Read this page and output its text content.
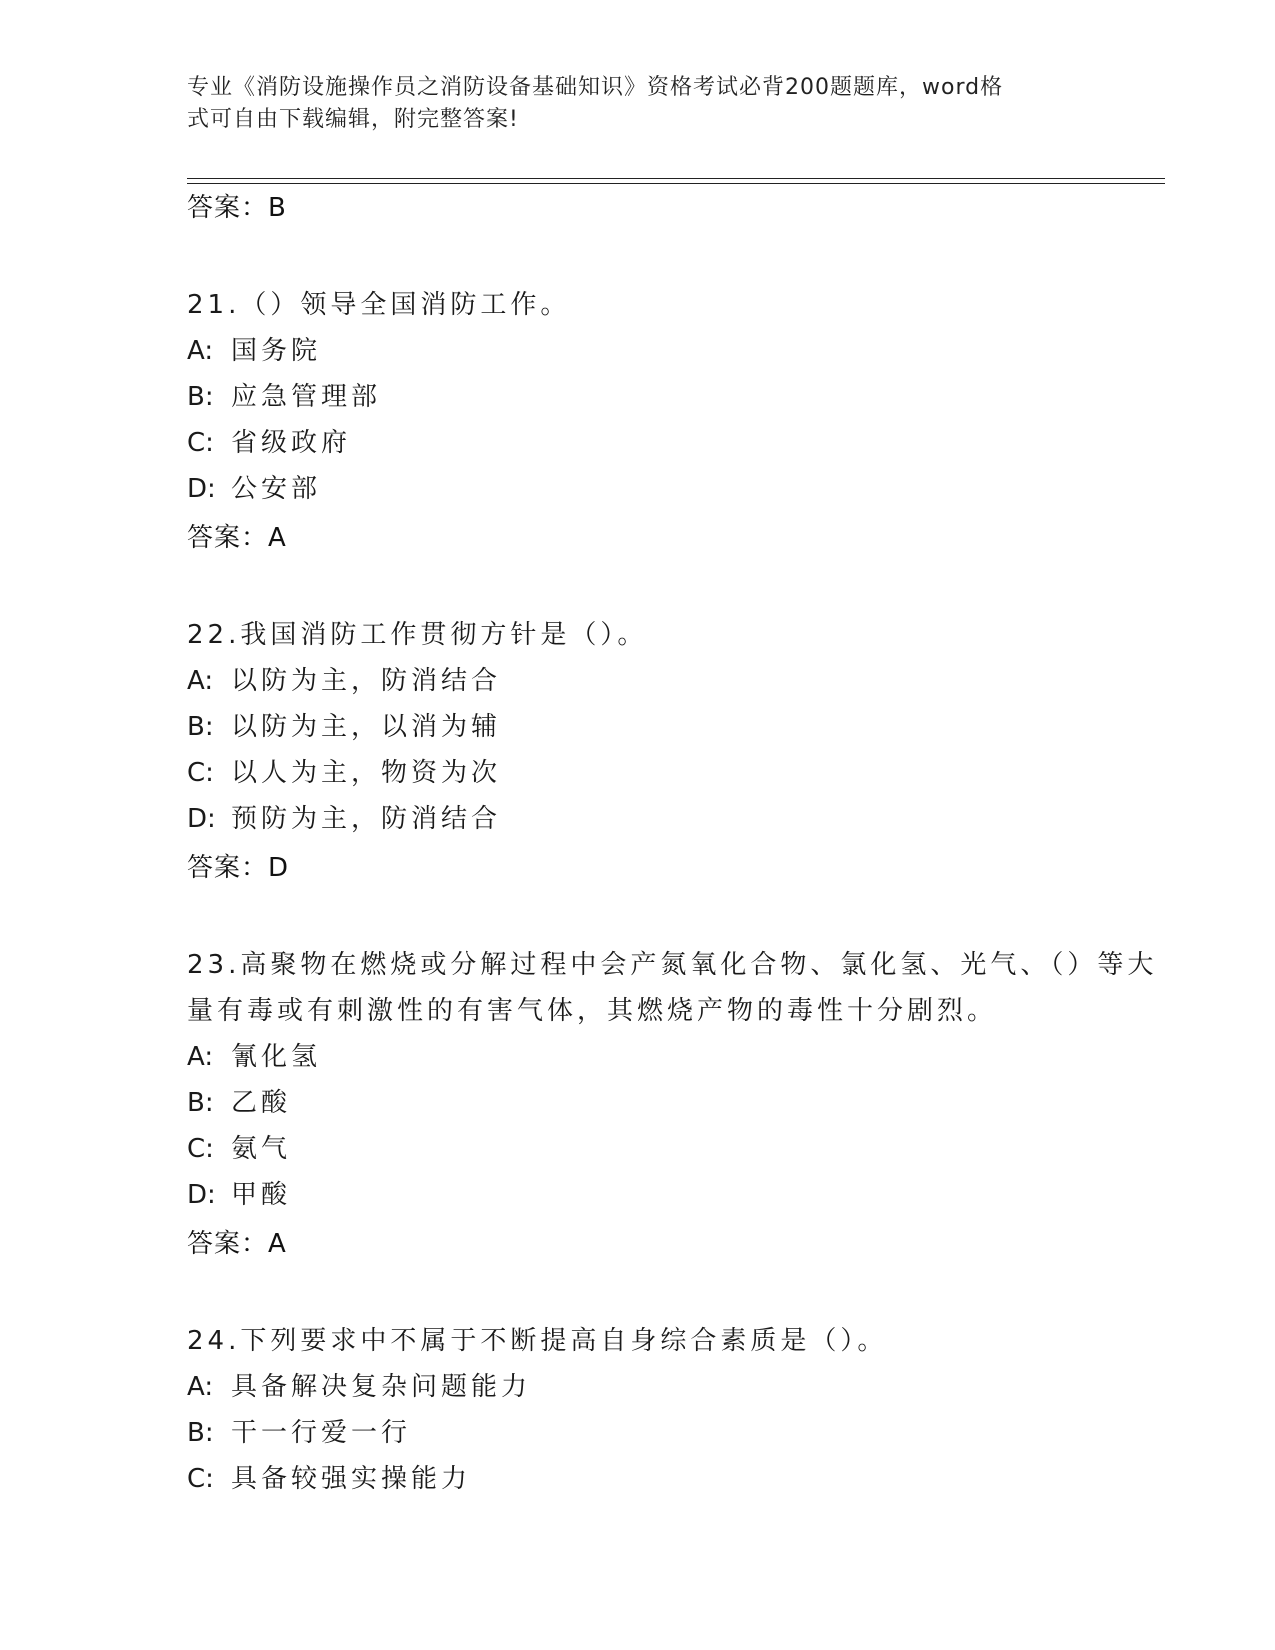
专业《消防设施操作员之消防设备基础知识》资格考试必背200题题库，word格
式可自由下载编辑，附完整答案!
答案：B
21.（）领导全国消防工作。
A: 国务院
B: 应急管理部
C: 省级政府
D: 公安部
答案：A
22.我国消防工作贯彻方针是（）。
A: 以防为主，防消结合
B: 以防为主，以消为辅
C: 以人为主，物资为次
D: 预防为主，防消结合
答案：D
23.高聚物在燃烧或分解过程中会产氮氧化合物、氯化氢、光气、（）等大量有毒或有刺激性的有害气体，其燃烧产物的毒性十分剧烈。
A: 氰化氢
B: 乙酸
C: 氨气
D: 甲酸
答案：A
24.下列要求中不属于不断提高自身综合素质是（）。
A: 具备解决复杂问题能力
B: 干一行爱一行
C: 具备较强实操能力
